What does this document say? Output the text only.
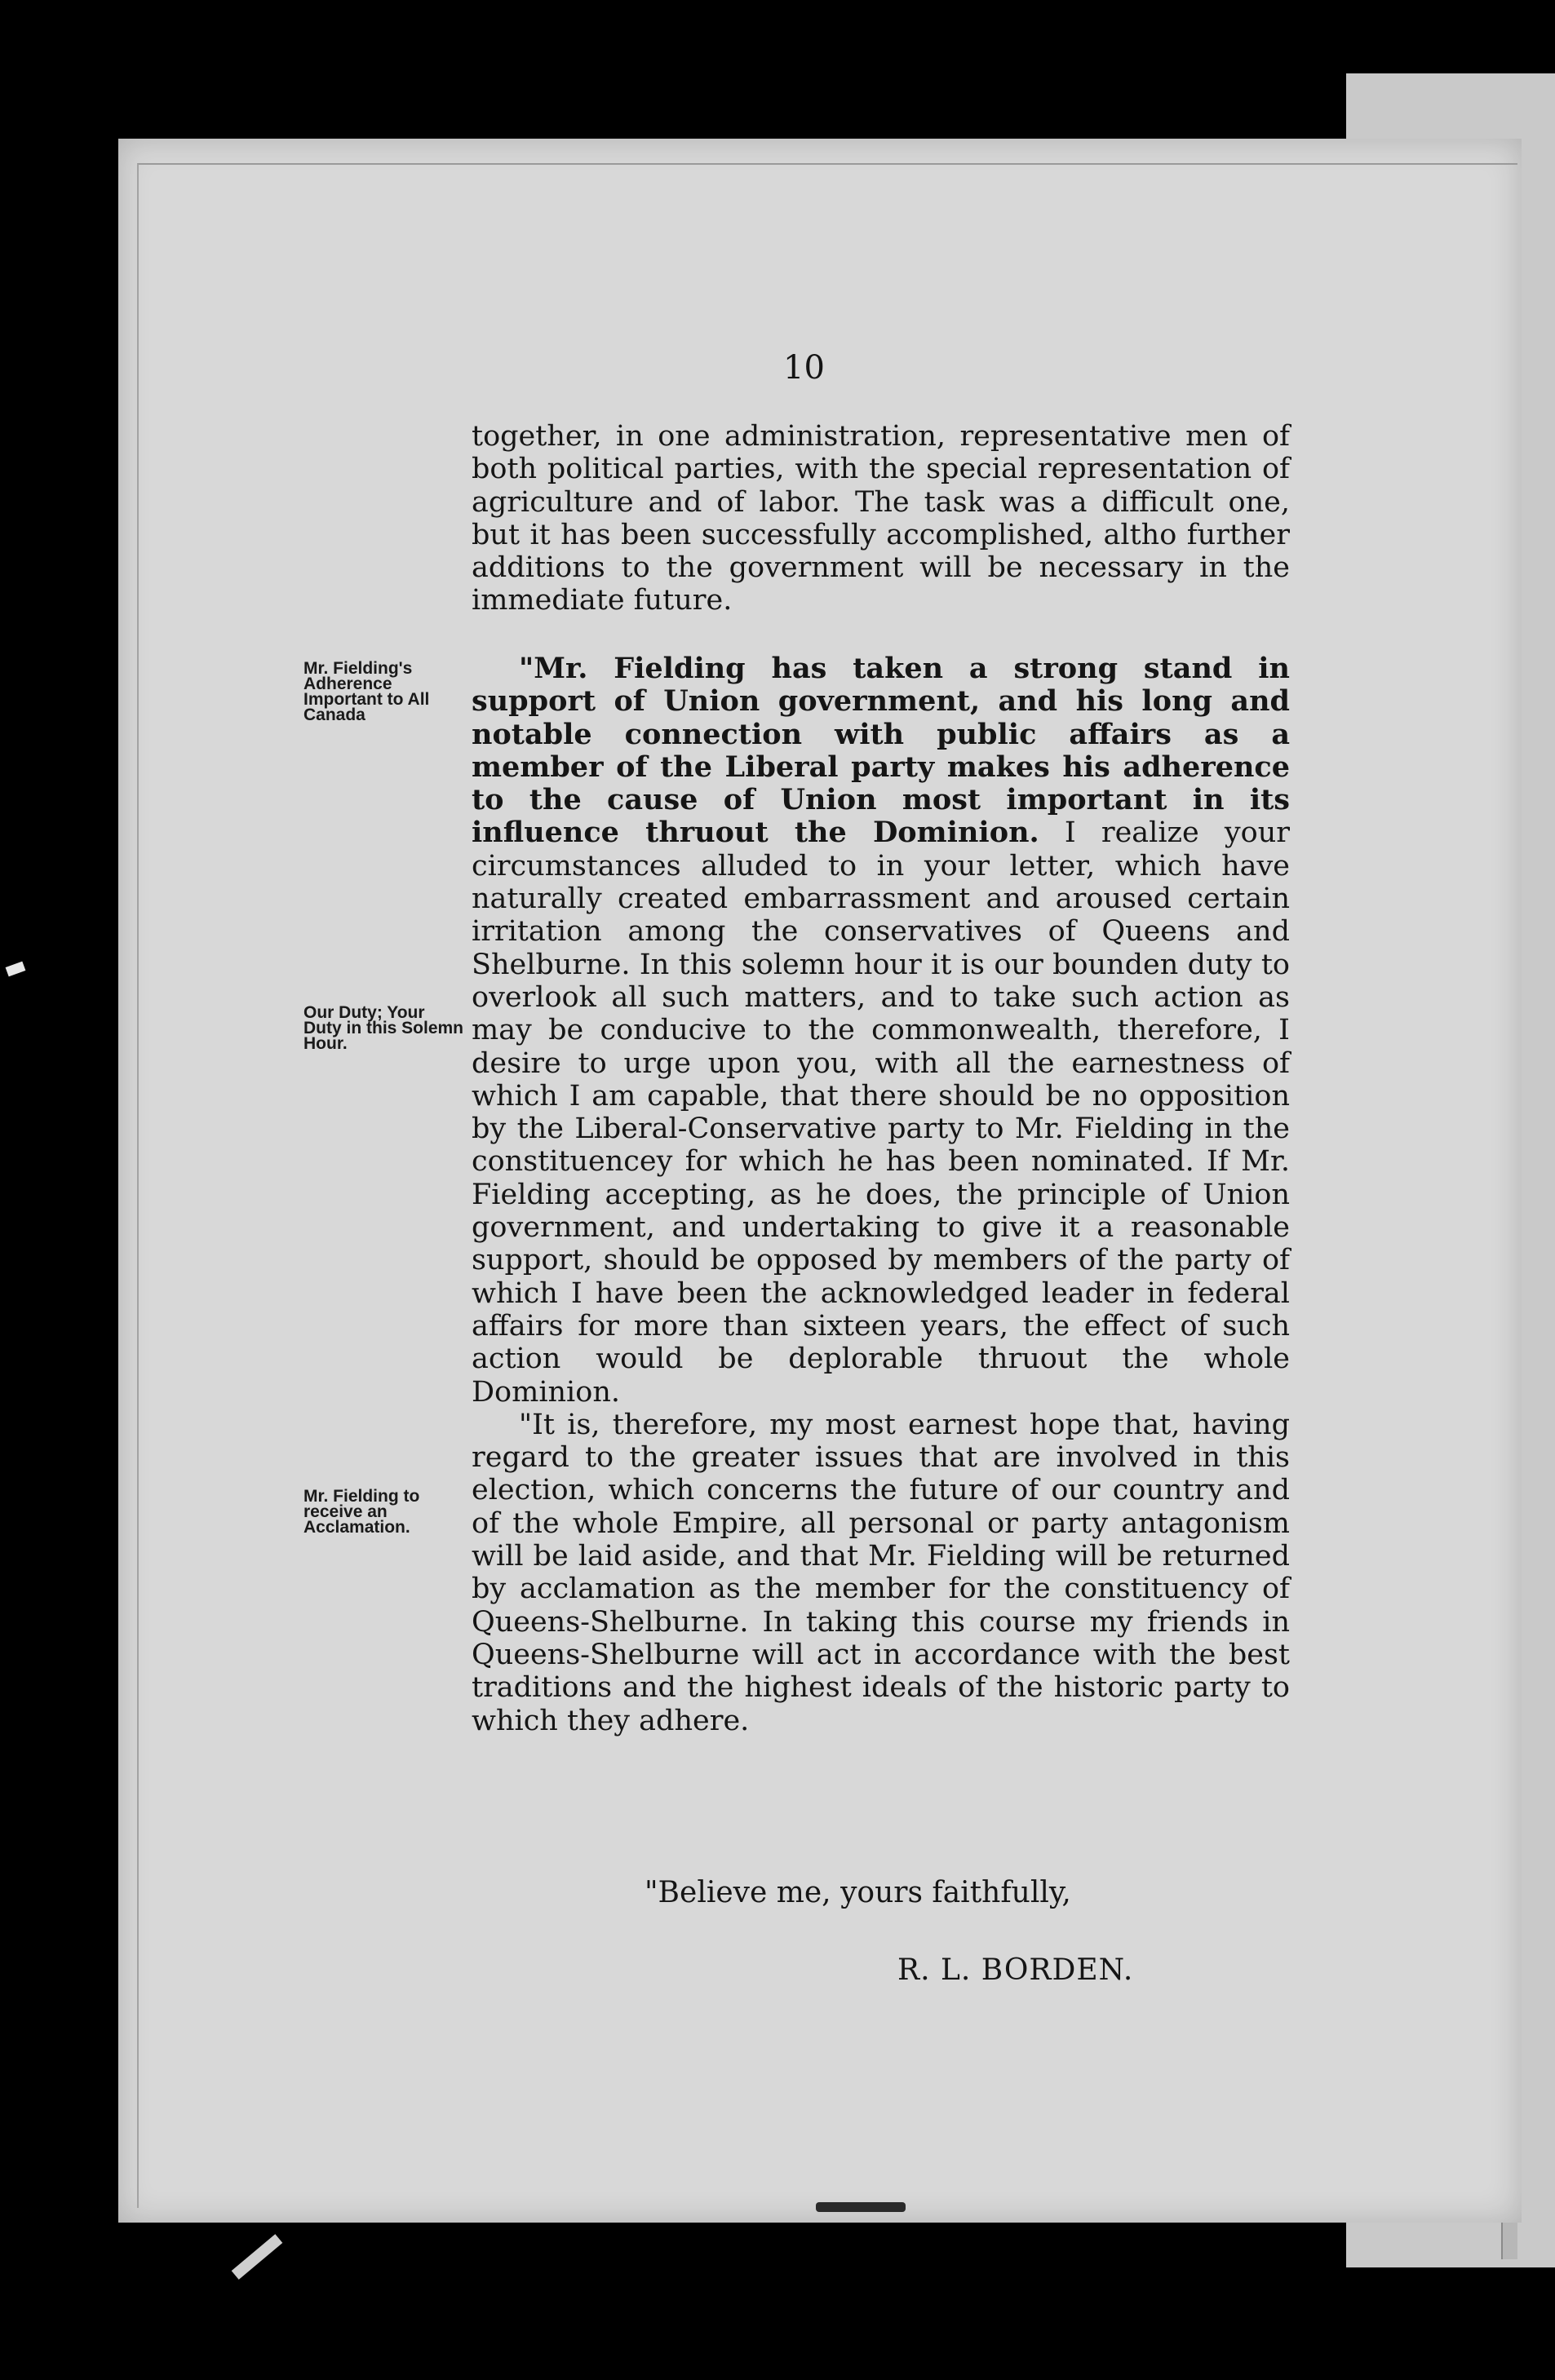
10
Mr. Fielding's Adherence Important to All Canada
Our Duty; Your Duty in this Solemn Hour.
Mr. Fielding to receive an Acclamation.

together, in one administration, representative men of both political parties, with the special representation of agriculture and of labor. The task was a difficult one, but it has been successfully accomplished, altho further additions to the government will be necessary in the immediate future.

"Mr. Fielding has taken a strong stand in support of Union government, and his long and notable connection with public affairs as a member of the Liberal party makes his adherence to the cause of Union most important in its influence thruout the Dominion. I realize your circumstances alluded to in your letter, which have naturally created embarrassment and aroused certain irritation among the conservatives of Queens and Shelburne. In this solemn hour it is our bounden duty to overlook all such matters, and to take such action as may be conducive to the commonwealth, therefore, I desire to urge upon you, with all the earnestness of which I am capable, that there should be no opposition by the Liberal-Conservative party to Mr. Fielding in the constituencey for which he has been nominated. If Mr. Fielding accepting, as he does, the principle of Union government, and undertaking to give it a reasonable support, should be opposed by members of the party of which I have been the acknowledged leader in federal affairs for more than sixteen years, the effect of such action would be deplorable thruout the whole Dominion.

"It is, therefore, my most earnest hope that, having regard to the greater issues that are involved in this election, which concerns the future of our country and of the whole Empire, all personal or party antagonism will be laid aside, and that Mr. Fielding will be returned by acclamation as the member for the constituency of Queens-Shelburne. In taking this course my friends in Queens-Shelburne will act in accordance with the best traditions and the highest ideals of the historic party to which they adhere.

"Believe me, yours faithfully,
R. L. BORDEN.
